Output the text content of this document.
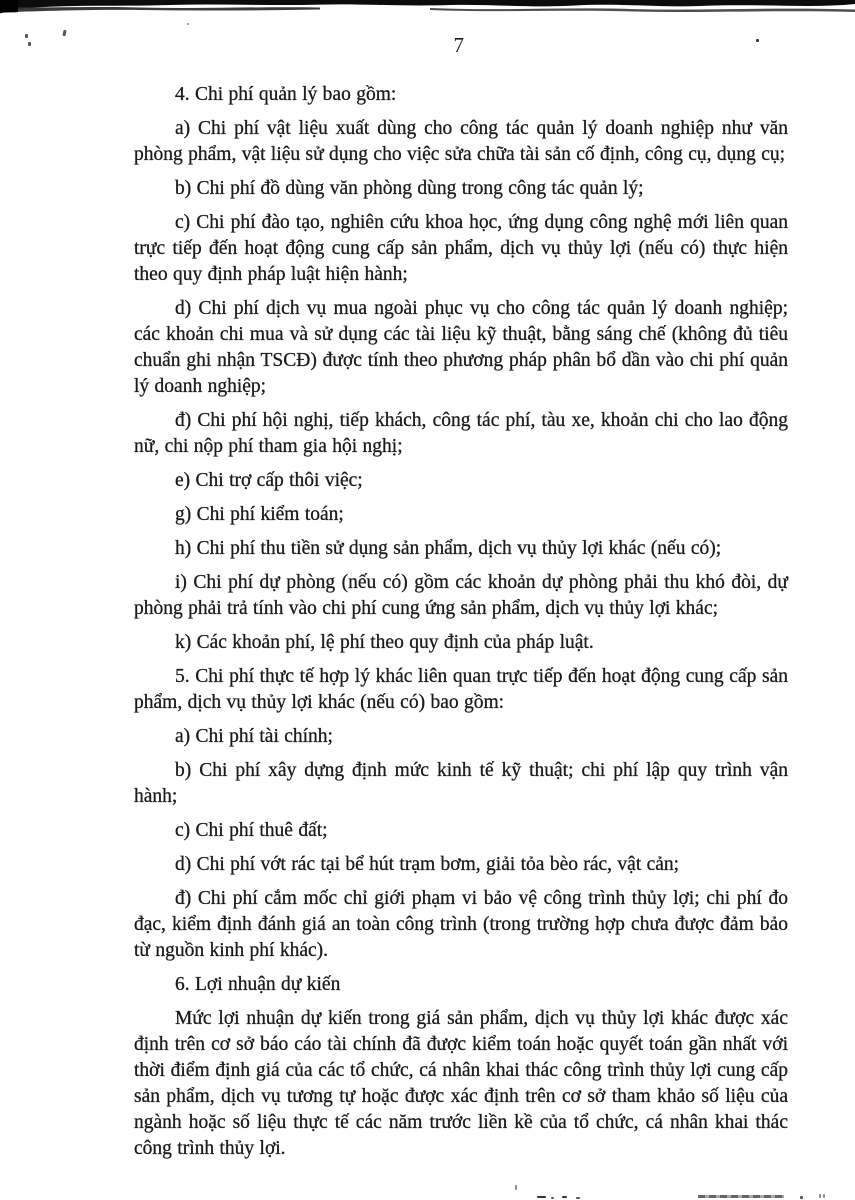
7

4. Chi phí quản lý bao gồm:

a) Chi phí vật liệu xuất dùng cho công tác quản lý doanh nghiệp như văn phòng phẩm, vật liệu sử dụng cho việc sửa chữa tài sản cố định, công cụ, dụng cụ;

b) Chi phí đồ dùng văn phòng dùng trong công tác quản lý;

c) Chi phí đào tạo, nghiên cứu khoa học, ứng dụng công nghệ mới liên quan trực tiếp đến hoạt động cung cấp sản phẩm, dịch vụ thủy lợi (nếu có) thực hiện theo quy định pháp luật hiện hành;

d) Chi phí dịch vụ mua ngoài phục vụ cho công tác quản lý doanh nghiệp; các khoản chi mua và sử dụng các tài liệu kỹ thuật, bằng sáng chế (không đủ tiêu chuẩn ghi nhận TSCĐ) được tính theo phương pháp phân bổ dần vào chi phí quản lý doanh nghiệp;

đ) Chi phí hội nghị, tiếp khách, công tác phí, tàu xe, khoản chi cho lao động nữ, chi nộp phí tham gia hội nghị;

e) Chi trợ cấp thôi việc;

g) Chi phí kiểm toán;

h) Chi phí thu tiền sử dụng sản phẩm, dịch vụ thủy lợi khác (nếu có);

i) Chi phí dự phòng (nếu có) gồm các khoản dự phòng phải thu khó đòi, dự phòng phải trả tính vào chi phí cung ứng sản phẩm, dịch vụ thủy lợi khác;

k) Các khoản phí, lệ phí theo quy định của pháp luật.

5. Chi phí thực tế hợp lý khác liên quan trực tiếp đến hoạt động cung cấp sản phẩm, dịch vụ thủy lợi khác (nếu có) bao gồm:

a) Chi phí tài chính;

b) Chi phí xây dựng định mức kinh tế kỹ thuật; chi phí lập quy trình vận hành;

c) Chi phí thuê đất;

d) Chi phí vớt rác tại bể hút trạm bơm, giải tỏa bèo rác, vật cản;

đ) Chi phí cắm mốc chỉ giới phạm vi bảo vệ công trình thủy lợi; chi phí đo đạc, kiểm định đánh giá an toàn công trình (trong trường hợp chưa được đảm bảo từ nguồn kinh phí khác).

6. Lợi nhuận dự kiến

Mức lợi nhuận dự kiến trong giá sản phẩm, dịch vụ thủy lợi khác được xác định trên cơ sở báo cáo tài chính đã được kiểm toán hoặc quyết toán gần nhất với thời điểm định giá của các tổ chức, cá nhân khai thác công trình thủy lợi cung cấp sản phẩm, dịch vụ tương tự hoặc được xác định trên cơ sở tham khảo số liệu của ngành hoặc số liệu thực tế các năm trước liền kề của tổ chức, cá nhân khai thác công trình thủy lợi.
